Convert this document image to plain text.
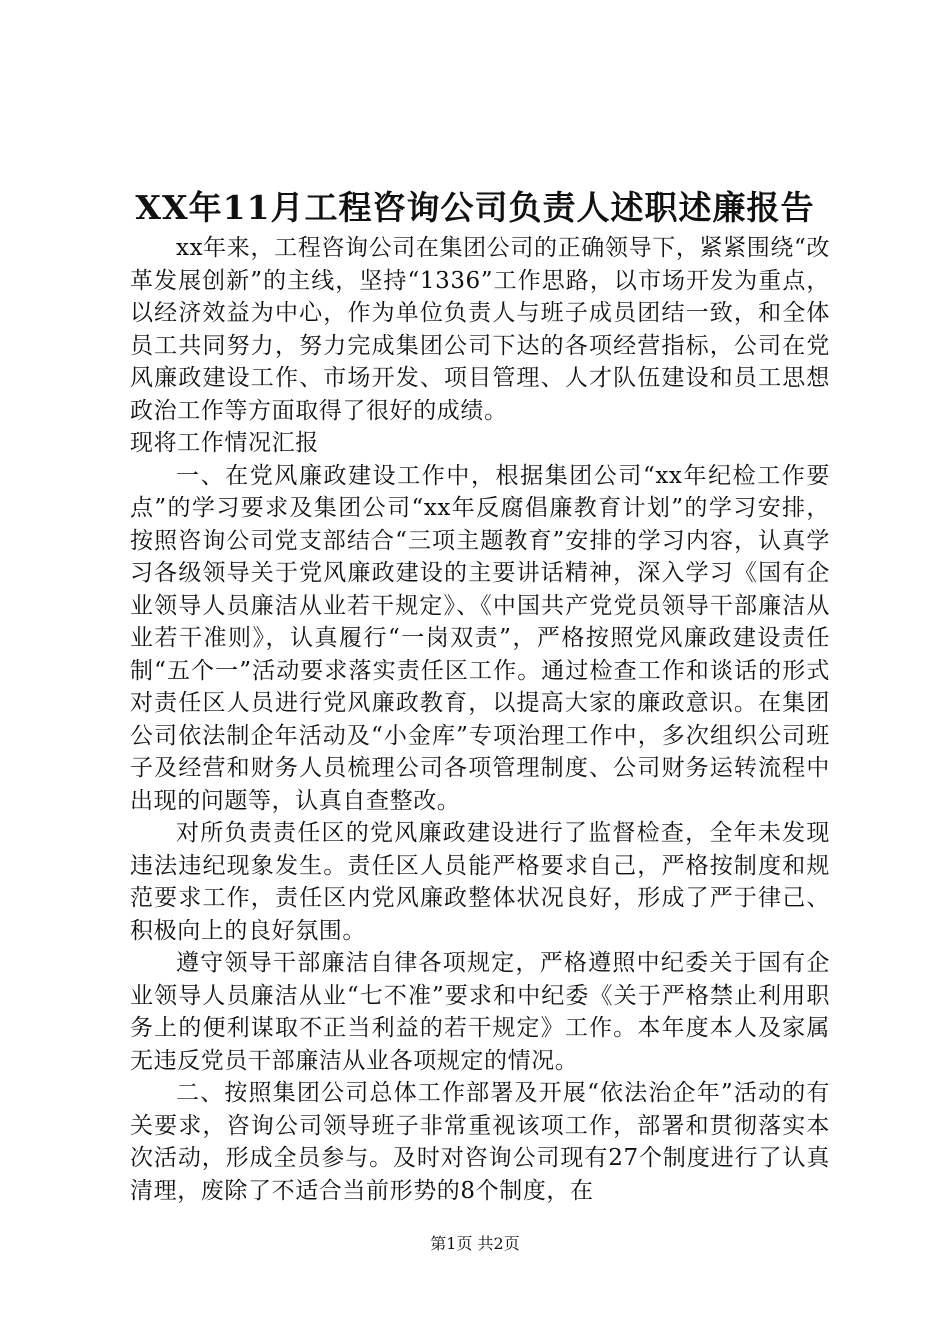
XX年11月工程咨询公司负责人述职述廉报告

xx年来，工程咨询公司在集团公司的正确领导下，紧紧围绕“改革发展创新”的主线，坚持“1336”工作思路，以市场开发为重点，以经济效益为中心，作为单位负责人与班子成员团结一致，和全体员工共同努力，努力完成集团公司下达的各项经营指标，公司在党风廉政建设工作、市场开发、项目管理、人才队伍建设和员工思想政治工作等方面取得了很好的成绩。

现将工作情况汇报

一、在党风廉政建设工作中，根据集团公司“xx年纪检工作要点”的学习要求及集团公司“xx年反腐倡廉教育计划”的学习安排，按照咨询公司党支部结合“三项主题教育”安排的学习内容，认真学习各级领导关于党风廉政建设的主要讲话精神，深入学习《国有企业领导人员廉洁从业若干规定》、《中国共产党党员领导干部廉洁从业若干准则》，认真履行“一岗双责”，严格按照党风廉政建设责任制“五个一”活动要求落实责任区工作。通过检查工作和谈话的形式对责任区人员进行党风廉政教育，以提高大家的廉政意识。在集团公司依法制企年活动及“小金库”专项治理工作中，多次组织公司班子及经营和财务人员梳理公司各项管理制度、公司财务运转流程中出现的问题等，认真自查整改。

对所负责责任区的党风廉政建设进行了监督检查，全年未发现违法违纪现象发生。责任区人员能严格要求自己，严格按制度和规范要求工作，责任区内党风廉政整体状况良好，形成了严于律己、积极向上的良好氛围。

遵守领导干部廉洁自律各项规定，严格遵照中纪委关于国有企业领导人员廉洁从业“七不准”要求和中纪委《关于严格禁止利用职务上的便利谋取不正当利益的若干规定》工作。本年度本人及家属无违反党员干部廉洁从业各项规定的情况。

二、按照集团公司总体工作部署及开展“依法治企年”活动的有关要求，咨询公司领导班子非常重视该项工作，部署和贯彻落实本次活动，形成全员参与。及时对咨询公司现有27个制度进行了认真清理，废除了不适合当前形势的8个制度，在

第1页 共2页
